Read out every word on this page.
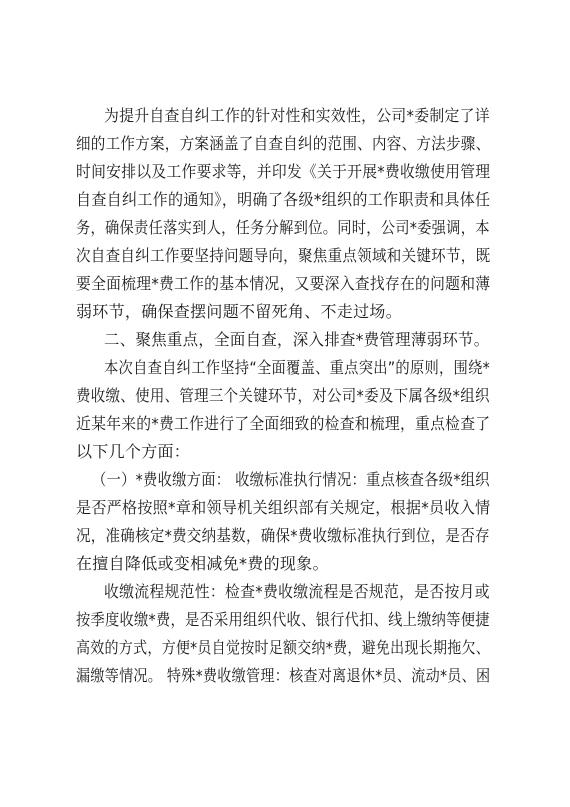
为提升自查自纠工作的针对性和实效性，公司*委制定了详
细的工作方案，方案涵盖了自查自纠的范围、内容、方法步骤、
时间安排以及工作要求等，并印发《关于开展*费收缴使用管理
自查自纠工作的通知》，明确了各级*组织的工作职责和具体任
务，确保责任落实到人，任务分解到位。同时，公司*委强调，本
次自查自纠工作要坚持问题导向，聚焦重点领域和关键环节，既
要全面梳理*费工作的基本情况，又要深入查找存在的问题和薄
弱环节，确保查摆问题不留死角、不走过场。
二、聚焦重点，全面自查，深入排查*费管理薄弱环节。
本次自查自纠工作坚持“全面覆盖、重点突出”的原则，围绕*
费收缴、使用、管理三个关键环节，对公司*委及下属各级*组织
近某年来的*费工作进行了全面细致的检查和梳理，重点检查了
以下几个方面：
（一）*费收缴方面： 收缴标准执行情况：重点核查各级*组织
是否严格按照*章和领导机关组织部有关规定，根据*员收入情
况，准确核定*费交纳基数，确保*费收缴标准执行到位，是否存
在擅自降低或变相减免*费的现象。
收缴流程规范性：检查*费收缴流程是否规范，是否按月或
按季度收缴*费，是否采用组织代收、银行代扣、线上缴纳等便捷
高效的方式，方便*员自觉按时足额交纳*费，避免出现长期拖欠、
漏缴等情况。 特殊*费收缴管理：核查对离退休*员、流动*员、困
